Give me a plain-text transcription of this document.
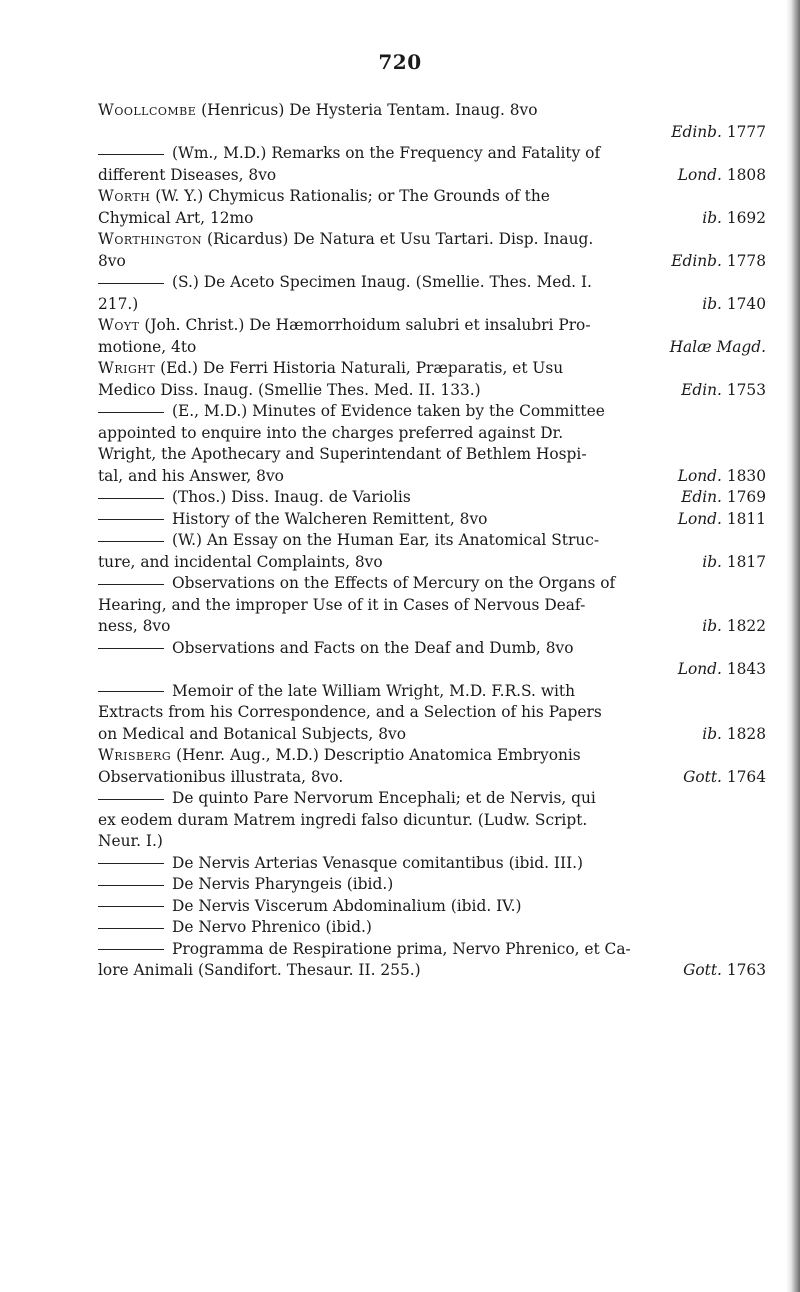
720
Woollcombe (Henricus) De Hysteria Tentam. Inaug. 8vo
Edinb. 1777
(Wm., M.D.) Remarks on the Frequency and Fatality of
different Diseases, 8vo	Lond. 1808
Worth (W. Y.) Chymicus Rationalis; or The Grounds of the
Chymical Art, 12mo	ib. 1692
Worthington (Ricardus) De Natura et Usu Tartari. Disp. Inaug.
8vo	Edinb. 1778
(S.) De Aceto Specimen Inaug. (Smellie. Thes. Med. I.
217.)	ib. 1740
Woyt (Joh. Christ.) De Hæmorrhoidum salubri et insalubri Pro-
motione, 4to	Halæ Magd.
Wright (Ed.) De Ferri Historia Naturali, Præparatis, et Usu
Medico Diss. Inaug. (Smellie Thes. Med. II. 133.)	Edin. 1753
(E., M.D.) Minutes of Evidence taken by the Committee
appointed to enquire into the charges preferred against Dr.
Wright, the Apothecary and Superintendant of Bethlem Hospi-
tal, and his Answer, 8vo	Lond. 1830
(Thos.) Diss. Inaug. de Variolis	Edin. 1769
History of the Walcheren Remittent, 8vo	Lond. 1811
(W.) An Essay on the Human Ear, its Anatomical Struc-
ture, and incidental Complaints, 8vo	ib. 1817
Observations on the Effects of Mercury on the Organs of
Hearing, and the improper Use of it in Cases of Nervous Deaf-
ness, 8vo	ib. 1822
Observations and Facts on the Deaf and Dumb, 8vo
Lond. 1843
Memoir of the late William Wright, M.D. F.R.S. with
Extracts from his Correspondence, and a Selection of his Papers
on Medical and Botanical Subjects, 8vo	ib. 1828
Wrisberg (Henr. Aug., M.D.) Descriptio Anatomica Embryonis
Observationibus illustrata, 8vo.	Gott. 1764
De quinto Pare Nervorum Encephali; et de Nervis, qui
ex eodem duram Matrem ingredi falso dicuntur. (Ludw. Script.
Neur. I.)
De Nervis Arterias Venasque comitantibus (ibid. III.)
De Nervis Pharyngeis (ibid.)
De Nervis Viscerum Abdominalium (ibid. IV.)
De Nervo Phrenico (ibid.)
Programma de Respiratione prima, Nervo Phrenico, et Ca-
lore Animali (Sandifort. Thesaur. II. 255.)	Gott. 1763
